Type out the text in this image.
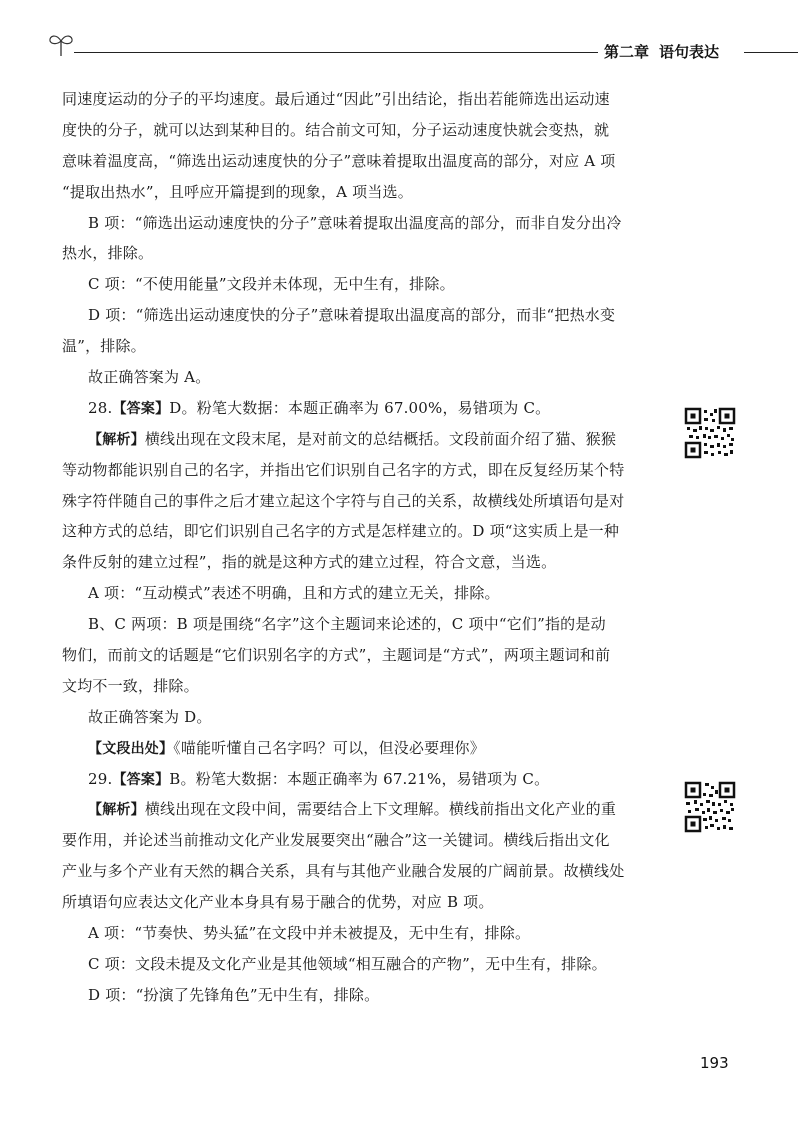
第二章 语句表达
同速度运动的分子的平均速度。最后通过“因此”引出结论，指出若能筛选出运动速
度快的分子，就可以达到某种目的。结合前文可知，分子运动速度快就会变热，就
意味着温度高，“筛选出运动速度快的分子”意味着提取出温度高的部分，对应 A 项
“提取出热水”，且呼应开篇提到的现象，A 项当选。
B 项：“筛选出运动速度快的分子”意味着提取出温度高的部分，而非自发分出冷
热水，排除。
C 项：“不使用能量”文段并未体现，无中生有，排除。
D 项：“筛选出运动速度快的分子”意味着提取出温度高的部分，而非“把热水变
温”，排除。
故正确答案为 A。
28.【答案】D。粉笔大数据：本题正确率为 67.00%，易错项为 C。
【解析】横线出现在文段末尾，是对前文的总结概括。文段前面介绍了猫、猴猴
等动物都能识别自己的名字，并指出它们识别自己名字的方式，即在反复经历某个特
殊字符伴随自己的事件之后才建立起这个字符与自己的关系，故横线处所填语句是对
这种方式的总结，即它们识别自己名字的方式是怎样建立的。D 项“这实质上是一种
条件反射的建立过程”，指的就是这种方式的建立过程，符合文意，当选。
A 项：“互动模式”表述不明确，且和方式的建立无关，排除。
B、C 两项：B 项是围绕“名字”这个主题词来论述的，C 项中“它们”指的是动
物们，而前文的话题是“它们识别名字的方式”，主题词是“方式”，两项主题词和前
文均不一致，排除。
故正确答案为 D。
【文段出处】《喵能听懂自己名字吗？可以，但没必要理你》
29.【答案】B。粉笔大数据：本题正确率为 67.21%，易错项为 C。
【解析】横线出现在文段中间，需要结合上下文理解。横线前指出文化产业的重
要作用，并论述当前推动文化产业发展要突出“融合”这一关键词。横线后指出文化
产业与多个产业有天然的耦合关系，具有与其他产业融合发展的广阔前景。故横线处
所填语句应表达文化产业本身具有易于融合的优势，对应 B 项。
A 项：“节奏快、势头猛”在文段中并未被提及，无中生有，排除。
C 项：文段未提及文化产业是其他领域“相互融合的产物”，无中生有，排除。
D 项：“扮演了先锋角色”无中生有，排除。
193
